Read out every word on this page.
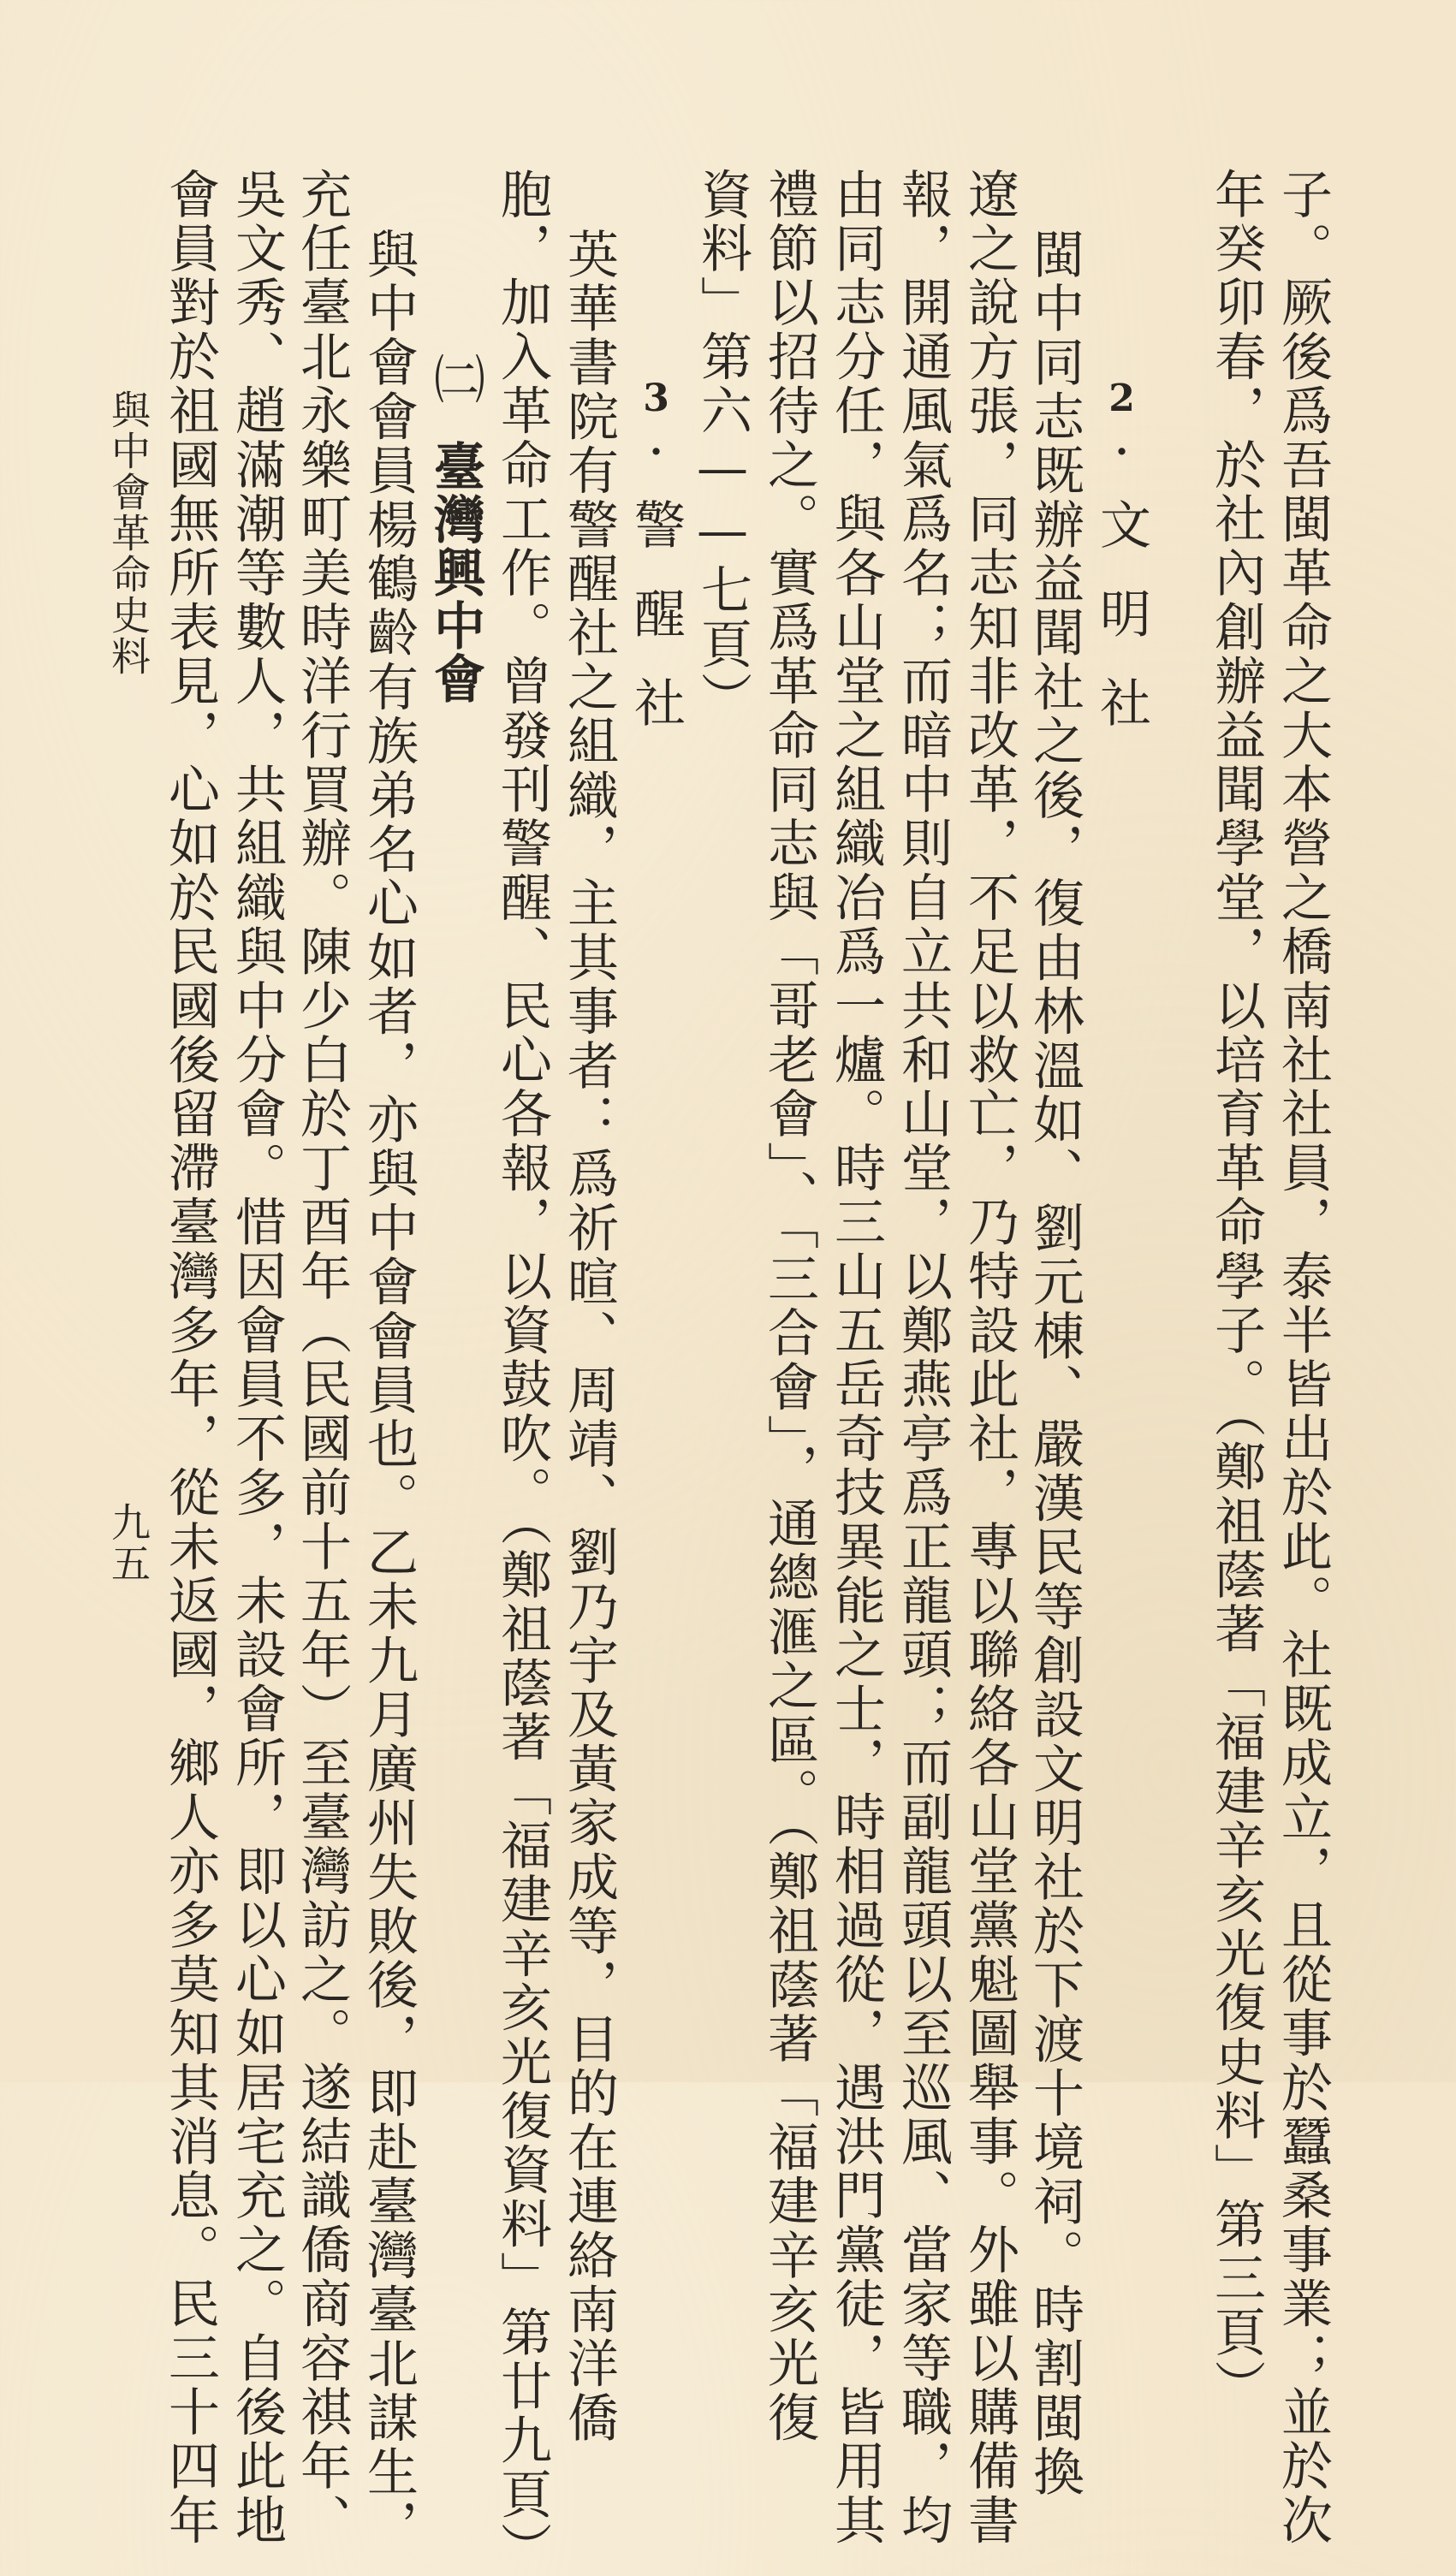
子。厥後爲吾閩革命之大本營之橋南社社員，泰半皆出於此。社既成立，且從事於蠶桑事業；並於次
年癸卯春，於社內創辦益聞學堂，以培育革命學子。（鄭祖蔭著「福建辛亥光復史料」第三頁）
2.文明社
閩中同志既辦益聞社之後，復由林溫如、劉元棟、嚴漢民等創設文明社於下渡十境祠。時割閩換
遼之說方張，同志知非改革，不足以救亡，乃特設此社，專以聯絡各山堂黨魁圖舉事。外雖以購備書
報，開通風氣爲名；而暗中則自立共和山堂，以鄭燕亭爲正龍頭；而副龍頭以至巡風、當家等職，均
由同志分任，與各山堂之組織冶爲一爐。時三山五岳奇技異能之士，時相過從，遇洪門黨徒，皆用其
禮節以招待之。實爲革命同志與「哥老會」、「三合會」，通總滙之區。（鄭祖蔭著「福建辛亥光復
資料」第六——七頁）
3.警醒社
英華書院有警醒社之組織，主其事者：爲祈暄、周靖、劉乃宇及黃家成等，目的在連絡南洋僑
胞，加入革命工作。曾發刊警醒、民心各報，以資鼓吹。（鄭祖蔭著「福建辛亥光復資料」第廿九頁）
㈡臺灣興中會
與中會會員楊鶴齡有族弟名心如者，亦與中會會員也。乙未九月廣州失敗後，即赴臺灣臺北謀生，
充任臺北永樂町美時洋行買辦。陳少白於丁酉年（民國前十五年）至臺灣訪之。遂結識僑商容祺年、
吳文秀、趙滿潮等數人，共組織與中分會。惜因會員不多，未設會所，即以心如居宅充之。自後此地
會員對於祖國無所表見，心如於民國後留滯臺灣多年，從未返國，鄉人亦多莫知其消息。民三十四年
與中會革命史料
九五
